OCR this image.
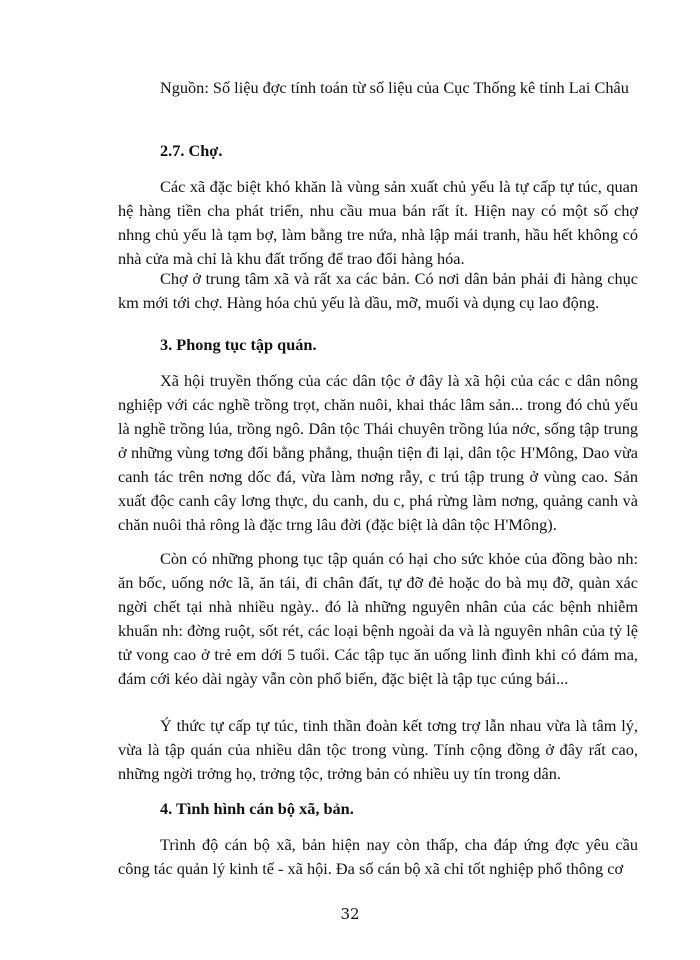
Nguồn: Số liệu đợc tính toán từ số liệu của Cục Thống kê tỉnh Lai Châu

2.7. Chợ.

Các xã đặc biệt khó khăn là vùng sản xuất chủ yếu là tự cấp tự túc, quan hệ hàng tiền cha phát triển, nhu cầu mua bán rất ít. Hiện nay có một số chợ nhng chủ yếu là tạm bợ, làm bằng tre nứa, nhà lập mái tranh, hầu hết không có nhà cửa mà chỉ là khu đất trống để trao đổi hàng hóa.

Chợ ở trung tâm xã và rất xa các bản. Có nơi dân bản phải đi hàng chục km mới tới chợ. Hàng hóa chủ yếu là dầu, mỡ, muối và dụng cụ lao động.

3. Phong tục tập quán.

Xã hội truyền thống của các dân tộc ở đây là xã hội của các c dân nông nghiệp với các nghề trồng trọt, chăn nuôi, khai thác lâm sản... trong đó chủ yếu là nghề trồng lúa, trồng ngô. Dân tộc Thái chuyên trồng lúa nớc, sống tập trung ở những vùng tơng đối bằng phẳng, thuận tiện đi lại, dân tộc H'Mông, Dao vừa canh tác trên nơng dốc đá, vừa làm nơng rẫy, c trú tập trung ở vùng cao. Sản xuất độc canh cây lơng thực, du canh, du c, phá rừng làm nơng, quảng canh và chăn nuôi thả rông là đặc trng lâu đời (đặc biệt là dân tộc H'Mông).

Còn có những phong tục tập quán có hại cho sức khỏe của đồng bào nh: ăn bốc, uống nớc lã, ăn tái, đi chân đất, tự đỡ đẻ hoặc do bà mụ đỡ, quàn xác ngời chết tại nhà nhiều ngày.. đó là những nguyên nhân của các bệnh nhiễm khuẩn nh: đờng ruột, sốt rét, các loại bệnh ngoài da và là nguyên nhân của tỷ lệ tử vong cao ở trẻ em dới 5 tuổi. Các tập tục ăn uống linh đình khi có đám ma, đám cới kéo dài ngày vẫn còn phổ biến, đặc biệt là tập tục cúng bái...

Ý thức tự cấp tự túc, tinh thần đoàn kết tơng trợ lẫn nhau vừa là tâm lý, vừa là tập quán của nhiều dân tộc trong vùng. Tính cộng đồng ở đây rất cao, những ngời trởng họ, trởng tộc, trởng bản có nhiều uy tín trong dân.

4. Tình hình cán bộ xã, bản.

Trình độ cán bộ xã, bản hiện nay còn thấp, cha đáp ứng đợc yêu cầu công tác quản lý kinh tế - xã hội. Đa số cán bộ xã chỉ tốt nghiệp phổ thông cơ

32
